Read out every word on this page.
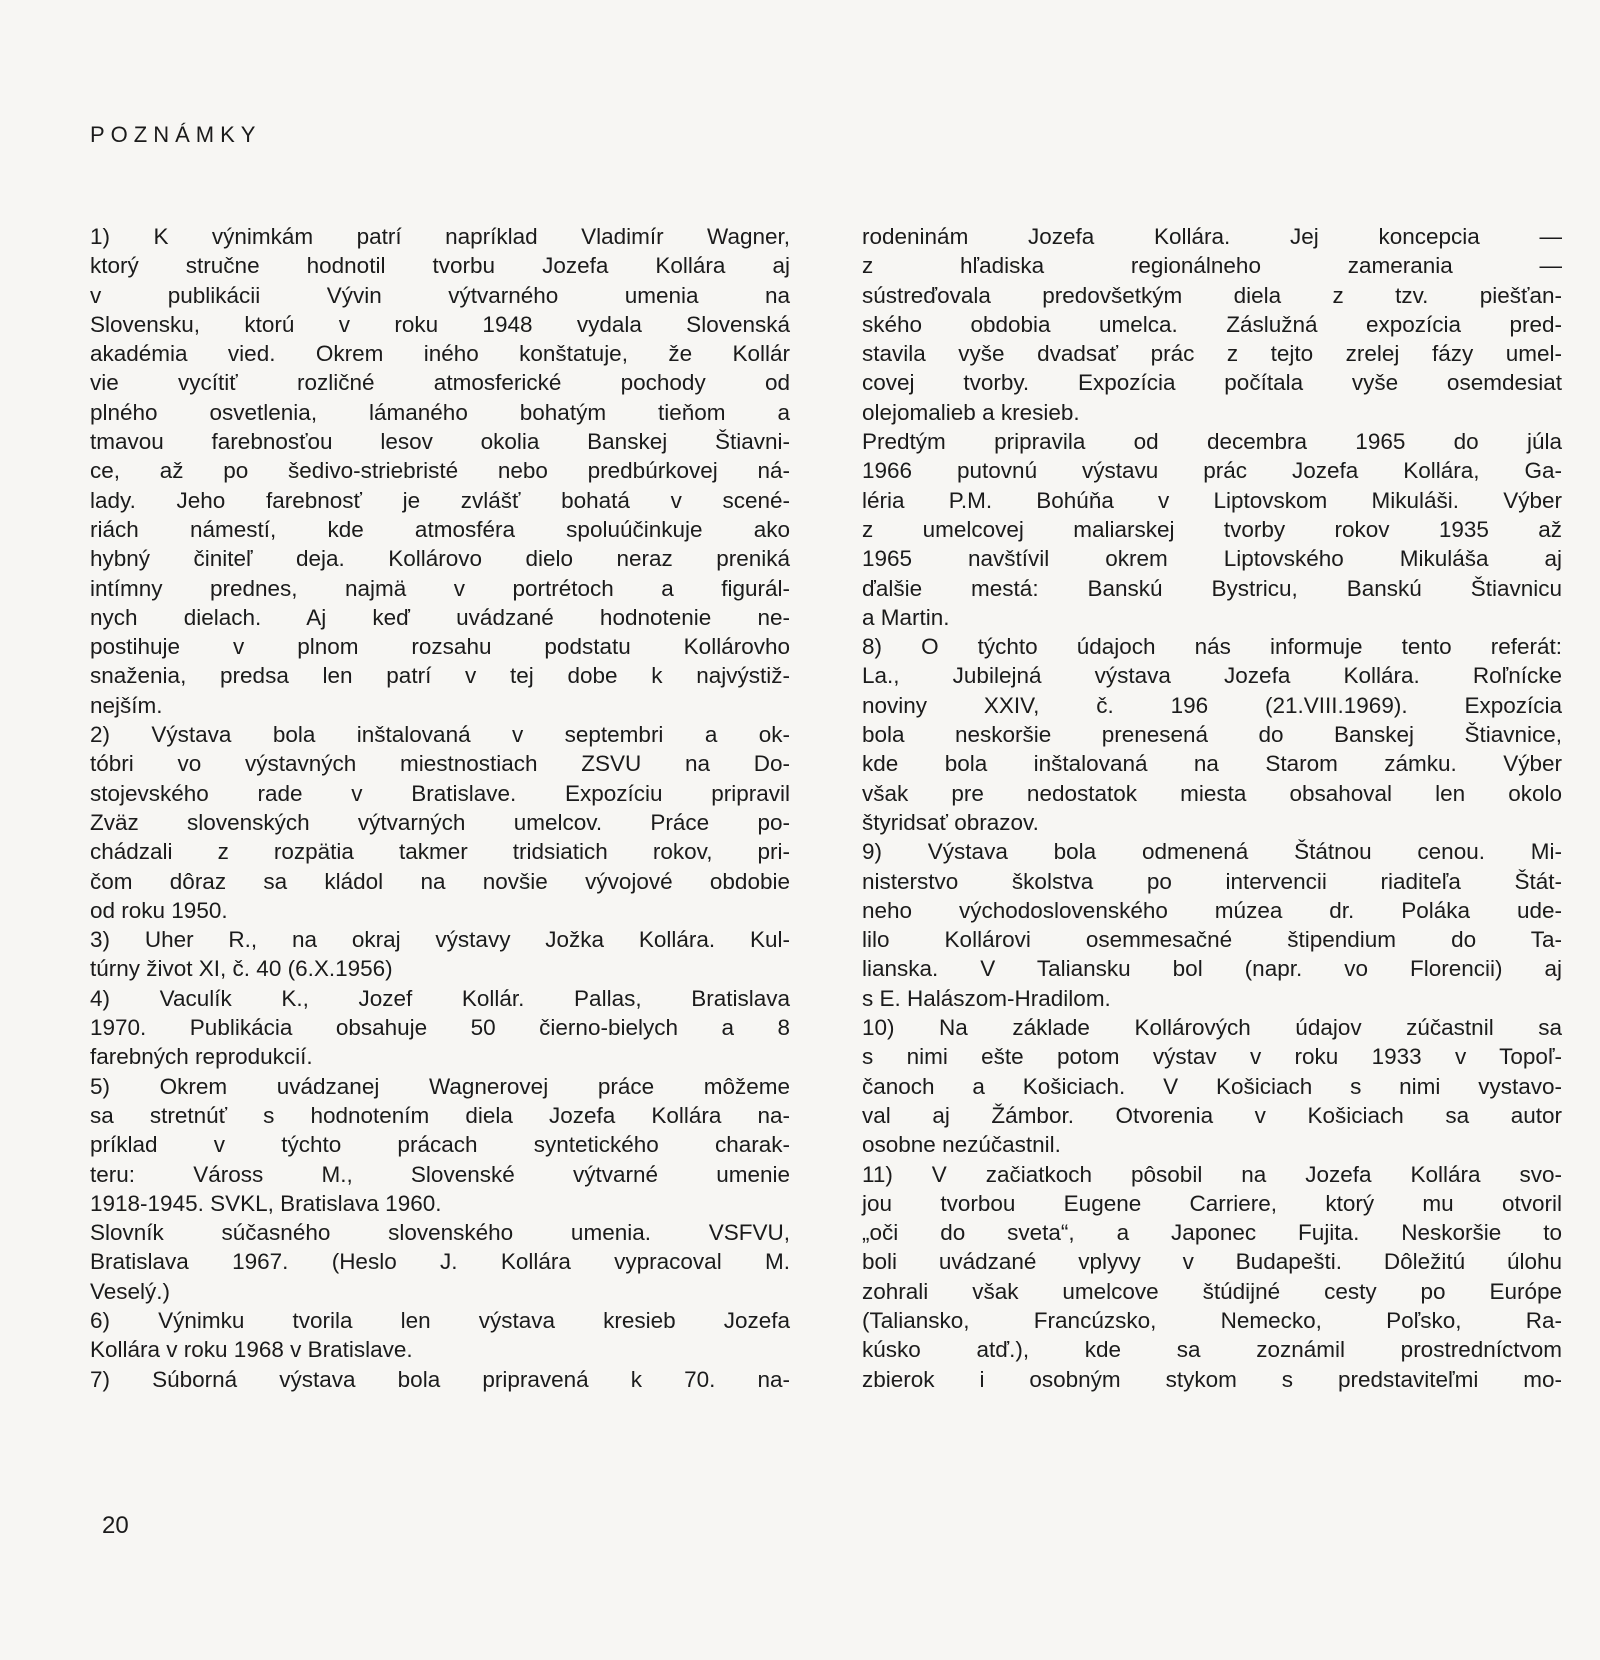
POZNÁMKY
1) K výnimkám patrí napríklad Vladimír Wagner,
ktorý stručne hodnotil tvorbu Jozefa Kollára aj
v publikácii Vývin výtvarného umenia na
Slovensku, ktorú v roku 1948 vydala Slovenská
akadémia vied. Okrem iného konštatuje, že Kollár
vie vycítiť rozličné atmosferické pochody od
plného osvetlenia, lámaného bohatým tieňom a
tmavou farebnosťou lesov okolia Banskej Štiavni-
ce, až po šedivo-striebristé nebo predbúrkovej ná-
lady. Jeho farebnosť je zvlášť bohatá v scené-
riách námestí, kde atmosféra spoluúčinkuje ako
hybný činiteľ deja. Kollárovo dielo neraz preniká
intímny prednes, najmä v portrétoch a figurál-
nych dielach. Aj keď uvádzané hodnotenie ne-
postihuje v plnom rozsahu podstatu Kollárovho
snaženia, predsa len patrí v tej dobe k najvýstiž-
nejším.
2) Výstava bola inštalovaná v septembri a ok-
tóbri vo výstavných miestnostiach ZSVU na Do-
stojevského rade v Bratislave. Expozíciu pripravil
Zväz slovenských výtvarných umelcov. Práce po-
chádzali z rozpätia takmer tridsiatich rokov, pri-
čom dôraz sa kládol na novšie vývojové obdobie
od roku 1950.
3) Uher R., na okraj výstavy Jožka Kollára. Kul-
túrny život XI, č. 40 (6.X.1956)
4) Vaculík K., Jozef Kollár. Pallas, Bratislava
1970. Publikácia obsahuje 50 čierno-bielych a 8
farebných reprodukcií.
5) Okrem uvádzanej Wagnerovej práce môžeme
sa stretnúť s hodnotením diela Jozefa Kollára na-
príklad v týchto prácach syntetického charak-
teru: Váross M., Slovenské výtvarné umenie
1918-1945. SVKL, Bratislava 1960.
Slovník súčasného slovenského umenia. VSFVU,
Bratislava 1967. (Heslo J. Kollára vypracoval M.
Veselý.)
6) Výnimku tvorila len výstava kresieb Jozefa
Kollára v roku 1968 v Bratislave.
7) Súborná výstava bola pripravená k 70. na-
rodeninám Jozefa Kollára. Jej koncepcia —
z hľadiska regionálneho zamerania —
sústreďovala predovšetkým diela z tzv. piešťan-
ského obdobia umelca. Záslužná expozícia pred-
stavila vyše dvadsať prác z tejto zrelej fázy umel-
covej tvorby. Expozícia počítala vyše osemdesiat
olejomalieb a kresieb.
Predtým pripravila od decembra 1965 do júla
1966 putovnú výstavu prác Jozefa Kollára, Ga-
léria P.M. Bohúňa v Liptovskom Mikuláši. Výber
z umelcovej maliarskej tvorby rokov 1935 až
1965 navštívil okrem Liptovského Mikuláša aj
ďalšie mestá: Banskú Bystricu, Banskú Štiavnicu
a Martin.
8) O týchto údajoch nás informuje tento referát:
La., Jubilejná výstava Jozefa Kollára. Roľnícke
noviny XXIV, č. 196 (21.VIII.1969). Expozícia
bola neskoršie prenesená do Banskej Štiavnice,
kde bola inštalovaná na Starom zámku. Výber
však pre nedostatok miesta obsahoval len okolo
štyridsať obrazov.
9) Výstava bola odmenená Štátnou cenou. Mi-
nisterstvo školstva po intervencii riaditeľa Štát-
neho východoslovenského múzea dr. Poláka ude-
lilo Kollárovi osemmesačné štipendium do Ta-
lianska. V Taliansku bol (napr. vo Florencii) aj
s E. Halászom-Hradilom.
10) Na základe Kollárových údajov zúčastnil sa
s nimi ešte potom výstav v roku 1933 v Topoľ-
čanoch a Košiciach. V Košiciach s nimi vystavo-
val aj Žámbor. Otvorenia v Košiciach sa autor
osobne nezúčastnil.
11) V začiatkoch pôsobil na Jozefa Kollára svo-
jou tvorbou Eugene Carriere, ktorý mu otvoril
„oči do sveta“, a Japonec Fujita. Neskoršie to
boli uvádzané vplyvy v Budapešti. Dôležitú úlohu
zohrali však umelcove štúdijné cesty po Európe
(Taliansko, Francúzsko, Nemecko, Poľsko, Ra-
kúsko atď.), kde sa zoznámil prostredníctvom
zbierok i osobným stykom s predstaviteľmi mo-
20
